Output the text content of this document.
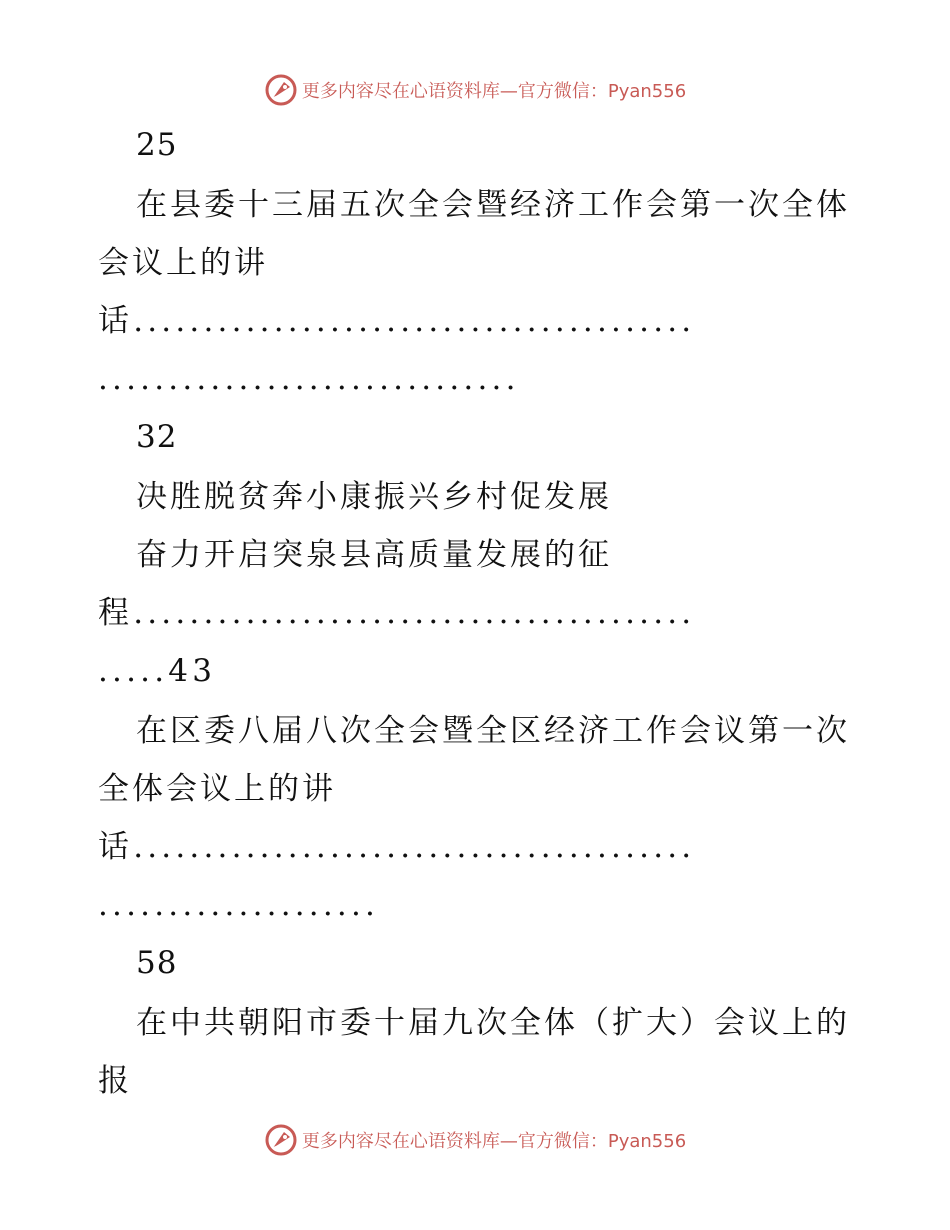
更多内容尽在心语资料库—官方微信：Pyan556
25
在县委十三届五次全会暨经济工作会第一次全体
会议上的讲
话........................................
..............................
32
决胜脱贫奔小康振兴乡村促发展
奋力开启突泉县高质量发展的征
程........................................
.....43
在区委八届八次全会暨全区经济工作会议第一次
全体会议上的讲
话........................................
....................
58
在中共朝阳市委十届九次全体（扩大）会议上的
报
更多内容尽在心语资料库—官方微信：Pyan556
